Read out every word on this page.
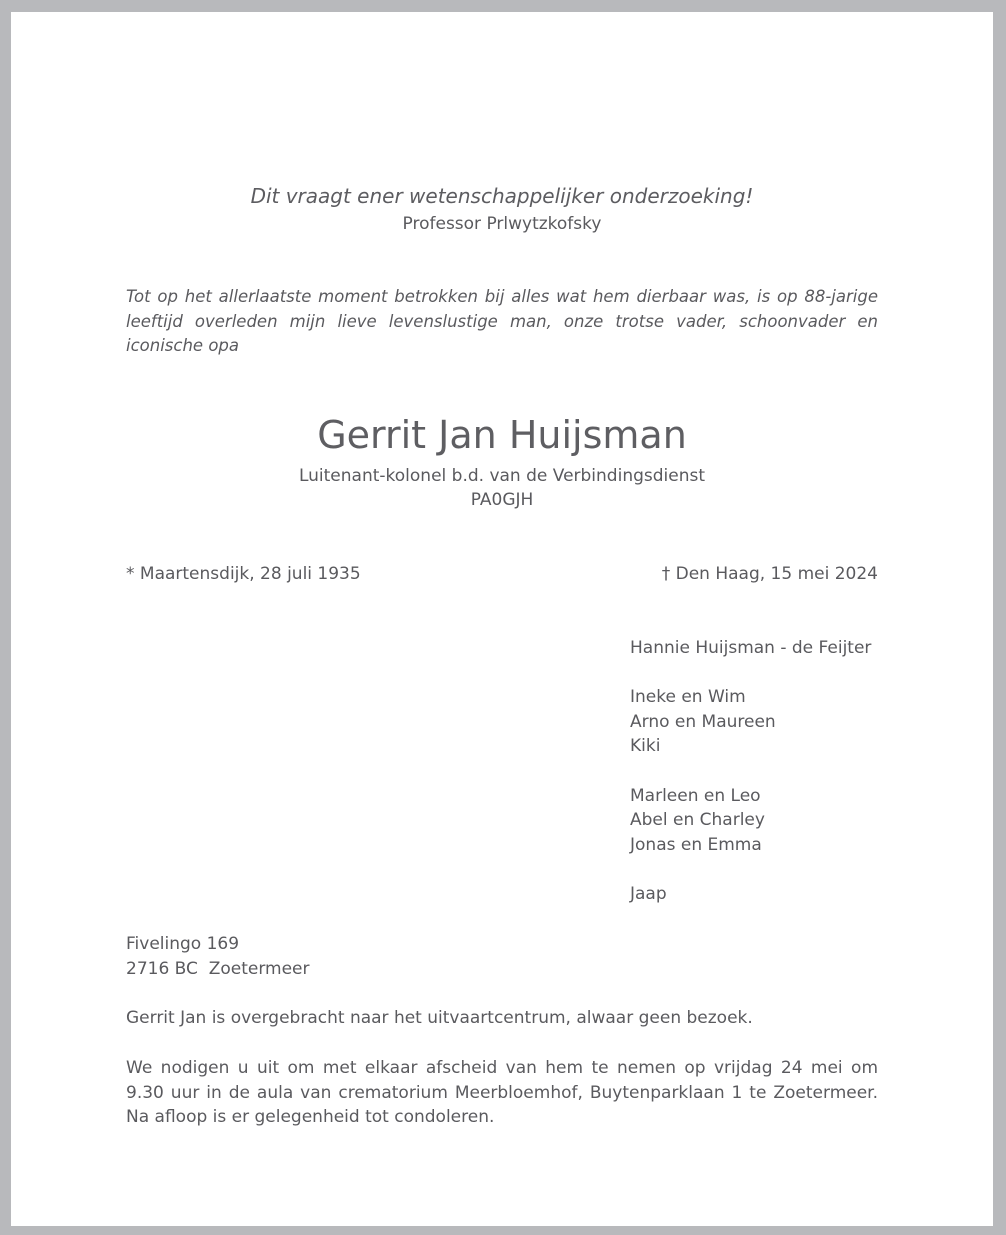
Dit vraagt ener wetenschappelijker onderzoeking!

Professor Prlwytzkofsky

Tot op het allerlaatste moment betrokken bij alles wat hem dierbaar was, is op 88-jarige
leeftijd overleden mijn lieve levenslustige man, onze trotse vader, schoonvader en
iconische opa
Gerrit Jan Huijsman

Luitenant-kolonel b.d. van de Verbindingsdienst

PA0GJH

* Maartensdijk, 28 juli 1935	† Den Haag, 15 mei 2024

Hannie Huijsman - de Feijter
Ineke en Wim
Arno en Maureen
Kiki
Marleen en Leo
Abel en Charley
Jonas en Emma
Jaap
Fivelingo 169
2716 BC  Zoetermeer

Gerrit Jan is overgebracht naar het uitvaartcentrum, alwaar geen bezoek.

We nodigen u uit om met elkaar afscheid van hem te nemen op vrijdag 24 mei om
9.30 uur in de aula van crematorium Meerbloemhof, Buytenparklaan 1 te Zoetermeer.
Na afloop is er gelegenheid tot condoleren.
